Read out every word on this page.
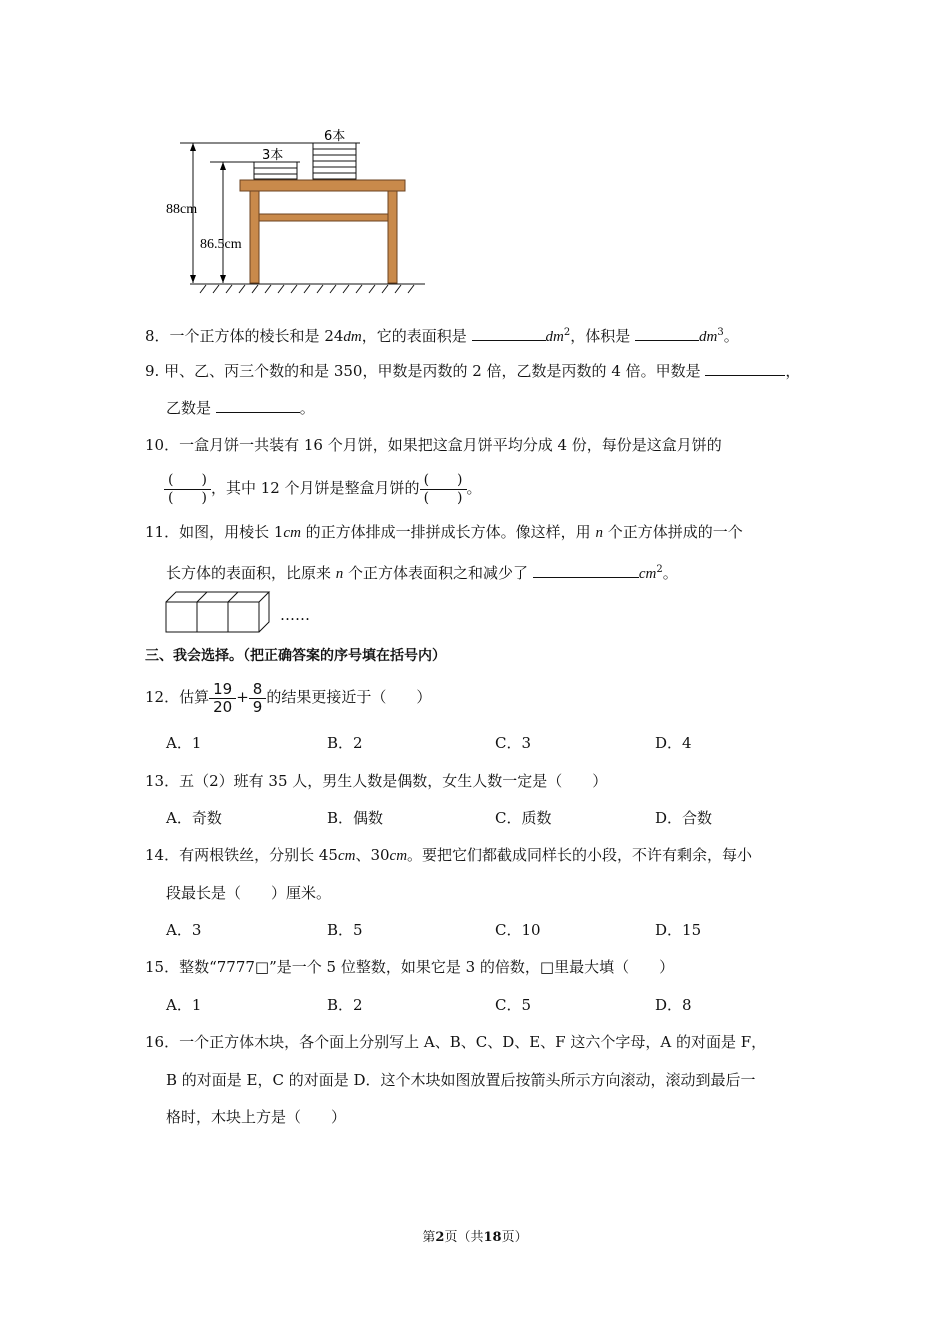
88cm
86.5cm
3本
6本
8．一个正方体的棱长和是 24dm，它的表面积是	$dm^2$，体积是	$dm^3$。
9. 甲、乙、丙三个数的和是 350，甲数是丙数的 2 倍，乙数是丙数的 4 倍。甲数是	，
乙数是	。
10．一盒月饼一共装有 16 个月饼，如果把这盒月饼平均分成 4 份，每份是这盒月饼的
$\frac{( )}{( )}$ ，其中 12 个月饼是整盒月饼的 $\frac{( )}{( )}$ 。
11．如图，用棱长 1cm 的正方体排成一排拼成长方体。像这样，用 n 个正方体拼成的一个
长方体的表面积，比原来 n 个正方体表面积之和减少了	$cm^2$。
……
三、我会选择。（把正确答案的序号填在括号内）
12．估算 $\frac{19}{20} + \frac{8}{9}$ 的结果更接近于（　　）
A．1	B．2	C．3	D．4
13．五（2）班有 35 人，男生人数是偶数，女生人数一定是（　　）
A．奇数	B．偶数	C．质数	D．合数
14．有两根铁丝，分别长 45cm、30cm。要把它们都截成同样长的小段，不许有剩余，每小
段最长是（　　）厘米。
A．3	B．5	C．10	D．15
15．整数“7777□”是一个 5 位整数，如果它是 3 的倍数，□里最大填（　　）
A．1	B．2	C．5	D．8
16．一个正方体木块，各个面上分别写上 A、B、C、D、E、F 这六个字母，A 的对面是 F，
B 的对面是 E，C 的对面是 D．这个木块如图放置后按箭头所示方向滚动，滚动到最后一
格时，木块上方是（　　）
第2页（共18页）
